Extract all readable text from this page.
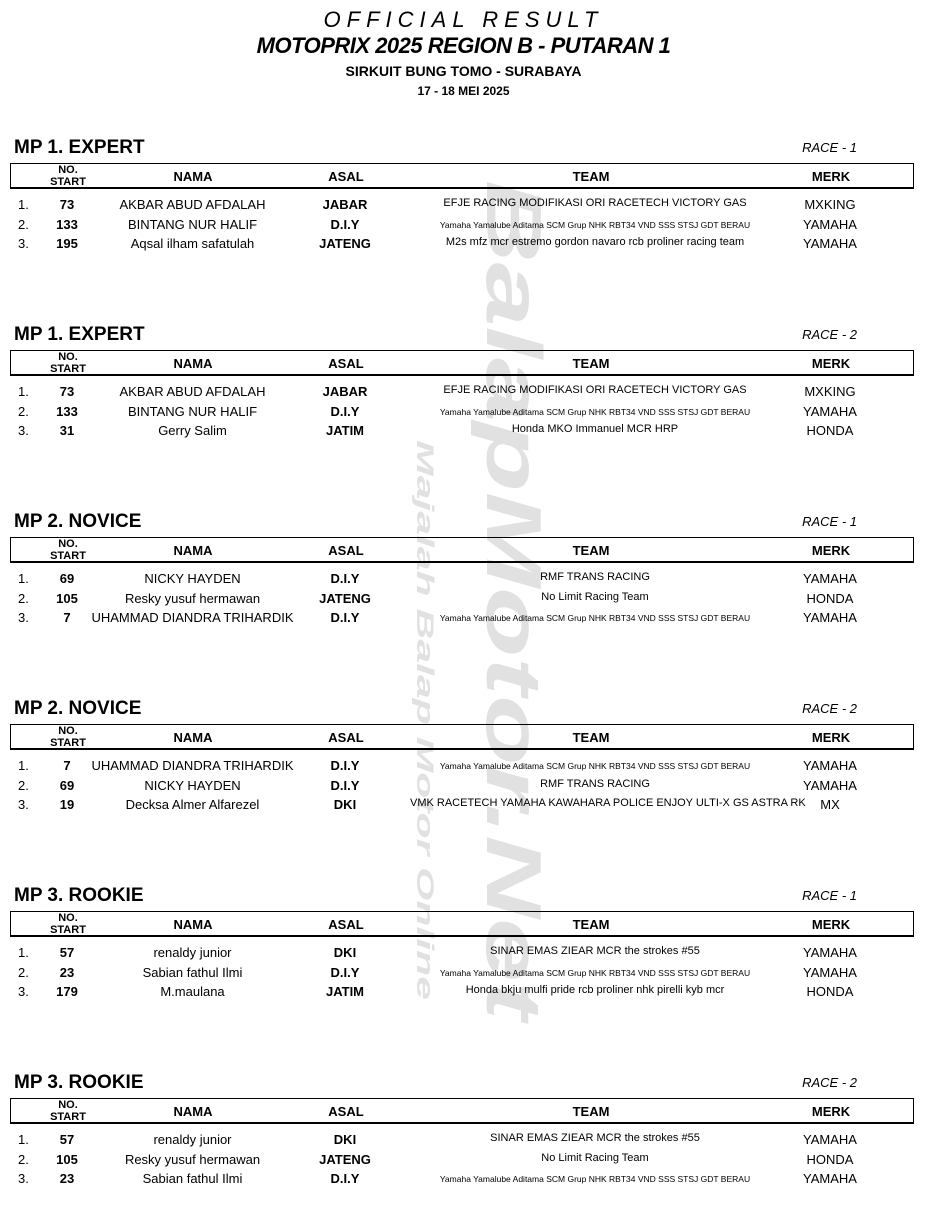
OFFICIAL RESULT
MOTOPRIX 2025 REGION B - PUTARAN 1
SIRKUIT BUNG TOMO - SURABAYA
17 - 18 MEI 2025
BalapMotor.Net
Majalah Balap Motor Online
MP 1. EXPERT	RACE - 1
NO. START	NAMA	ASAL	TEAM	MERK
1.	73	AKBAR ABUD AFDALAH	JABAR	EFJE RACING MODIFIKASI ORI RACETECH VICTORY GAS	MXKING
2.	133	BINTANG NUR HALIF	D.I.Y	Yamaha Yamalube Aditama SCM Grup NHK RBT34 VND SSS STSJ GDT BERAU	YAMAHA
3.	195	Aqsal ilham safatulah	JATENG	M2s mfz mcr estremo gordon navaro rcb proliner racing team	YAMAHA
MP 1. EXPERT	RACE - 2
NO. START	NAMA	ASAL	TEAM	MERK
1.	73	AKBAR ABUD AFDALAH	JABAR	EFJE RACING MODIFIKASI ORI RACETECH VICTORY GAS	MXKING
2.	133	BINTANG NUR HALIF	D.I.Y	Yamaha Yamalube Aditama SCM Grup NHK RBT34 VND SSS STSJ GDT BERAU	YAMAHA
3.	31	Gerry Salim	JATIM	Honda MKO Immanuel MCR HRP	HONDA
MP 2. NOVICE	RACE - 1
NO. START	NAMA	ASAL	TEAM	MERK
1.	69	NICKY HAYDEN	D.I.Y	RMF TRANS RACING	YAMAHA
2.	105	Resky yusuf hermawan	JATENG	No Limit Racing Team	HONDA
3.	7	UHAMMAD DIANDRA TRIHARDIK	D.I.Y	Yamaha Yamalube Aditama SCM Grup NHK RBT34 VND SSS STSJ GDT BERAU	YAMAHA
MP 2. NOVICE	RACE - 2
NO. START	NAMA	ASAL	TEAM	MERK
1.	7	UHAMMAD DIANDRA TRIHARDIK	D.I.Y	Yamaha Yamalube Aditama SCM Grup NHK RBT34 VND SSS STSJ GDT BERAU	YAMAHA
2.	69	NICKY HAYDEN	D.I.Y	RMF TRANS RACING	YAMAHA
3.	19	Decksa Almer Alfarezel	DKI	VMK RACETECH YAMAHA KAWAHARA POLICE ENJOY ULTI-X GS ASTRA RK	MX
MP 3. ROOKIE	RACE - 1
NO. START	NAMA	ASAL	TEAM	MERK
1.	57	renaldy junior	DKI	SINAR EMAS ZIEAR MCR the strokes #55	YAMAHA
2.	23	Sabian fathul Ilmi	D.I.Y	Yamaha Yamalube Aditama SCM Grup NHK RBT34 VND SSS STSJ GDT BERAU	YAMAHA
3.	179	M.maulana	JATIM	Honda bkju mulfi pride rcb proliner nhk pirelli kyb mcr	HONDA
MP 3. ROOKIE	RACE - 2
NO. START	NAMA	ASAL	TEAM	MERK
1.	57	renaldy junior	DKI	SINAR EMAS ZIEAR MCR the strokes #55	YAMAHA
2.	105	Resky yusuf hermawan	JATENG	No Limit Racing Team	HONDA
3.	23	Sabian fathul Ilmi	D.I.Y	Yamaha Yamalube Aditama SCM Grup NHK RBT34 VND SSS STSJ GDT BERAU	YAMAHA
